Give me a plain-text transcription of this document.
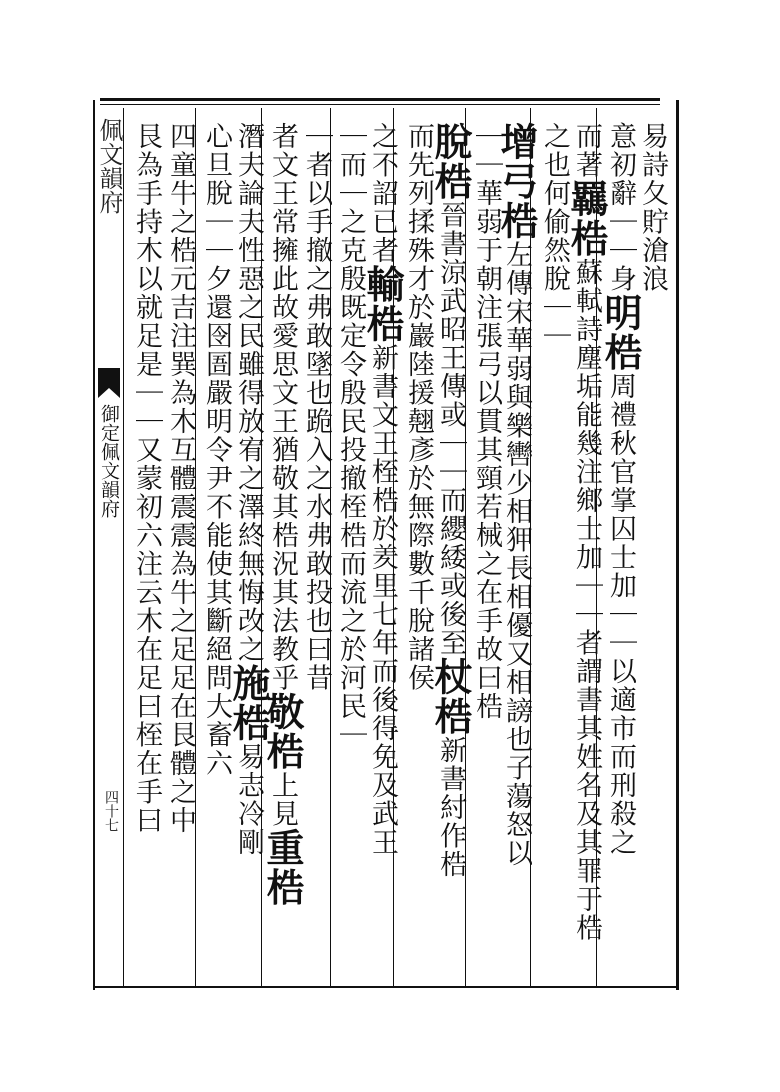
佩文韻府
御定佩文韻府
四十七
易詩夂貯滄浪
意初辭｜｜身明梏周禮秋官掌囚士加｜｜以適市而刑殺之
而著羈梏蘇軾詩塵垢能幾注鄉士加｜｜者謂書其姓名及其罪于梏
之也何偷然脫｜｜
增弓梏左傳宋華弱與樂轡少相狎長相優又相謗也子蕩怒以
｜｜華弱于朝注張弓以貫其頸若械之在手故曰梏
脫梏晉書涼武昭王傳或｜｜而纓緌或後至杖梏新書紂作梏
而先列揉殊才於巖陸援翹彥於無際數千脫諸侯
之不詔已者輸梏新書文王桎梏於羑里七年而後得免及武王
｜而｜之克殷既定令殷民投撤桎梏而流之於河民｜
｜者以手撤之弗敢墜也跪入之水弗敢投也曰昔
者文王常擁此故愛思文王猶敬其梏況其法教乎敬梏上見重梏
潛夫論夫性惡之民雖得放宥之澤終無悔改之施梏易志冷剛
心旦脫｜｜夕還囹圄嚴明令尹不能使其斷絕問大畜六
四童牛之梏元吉注巽為木互體震震為牛之足足在艮體之中
艮為手持木以就足是｜｜又蒙初六注云木在足曰桎在手曰
